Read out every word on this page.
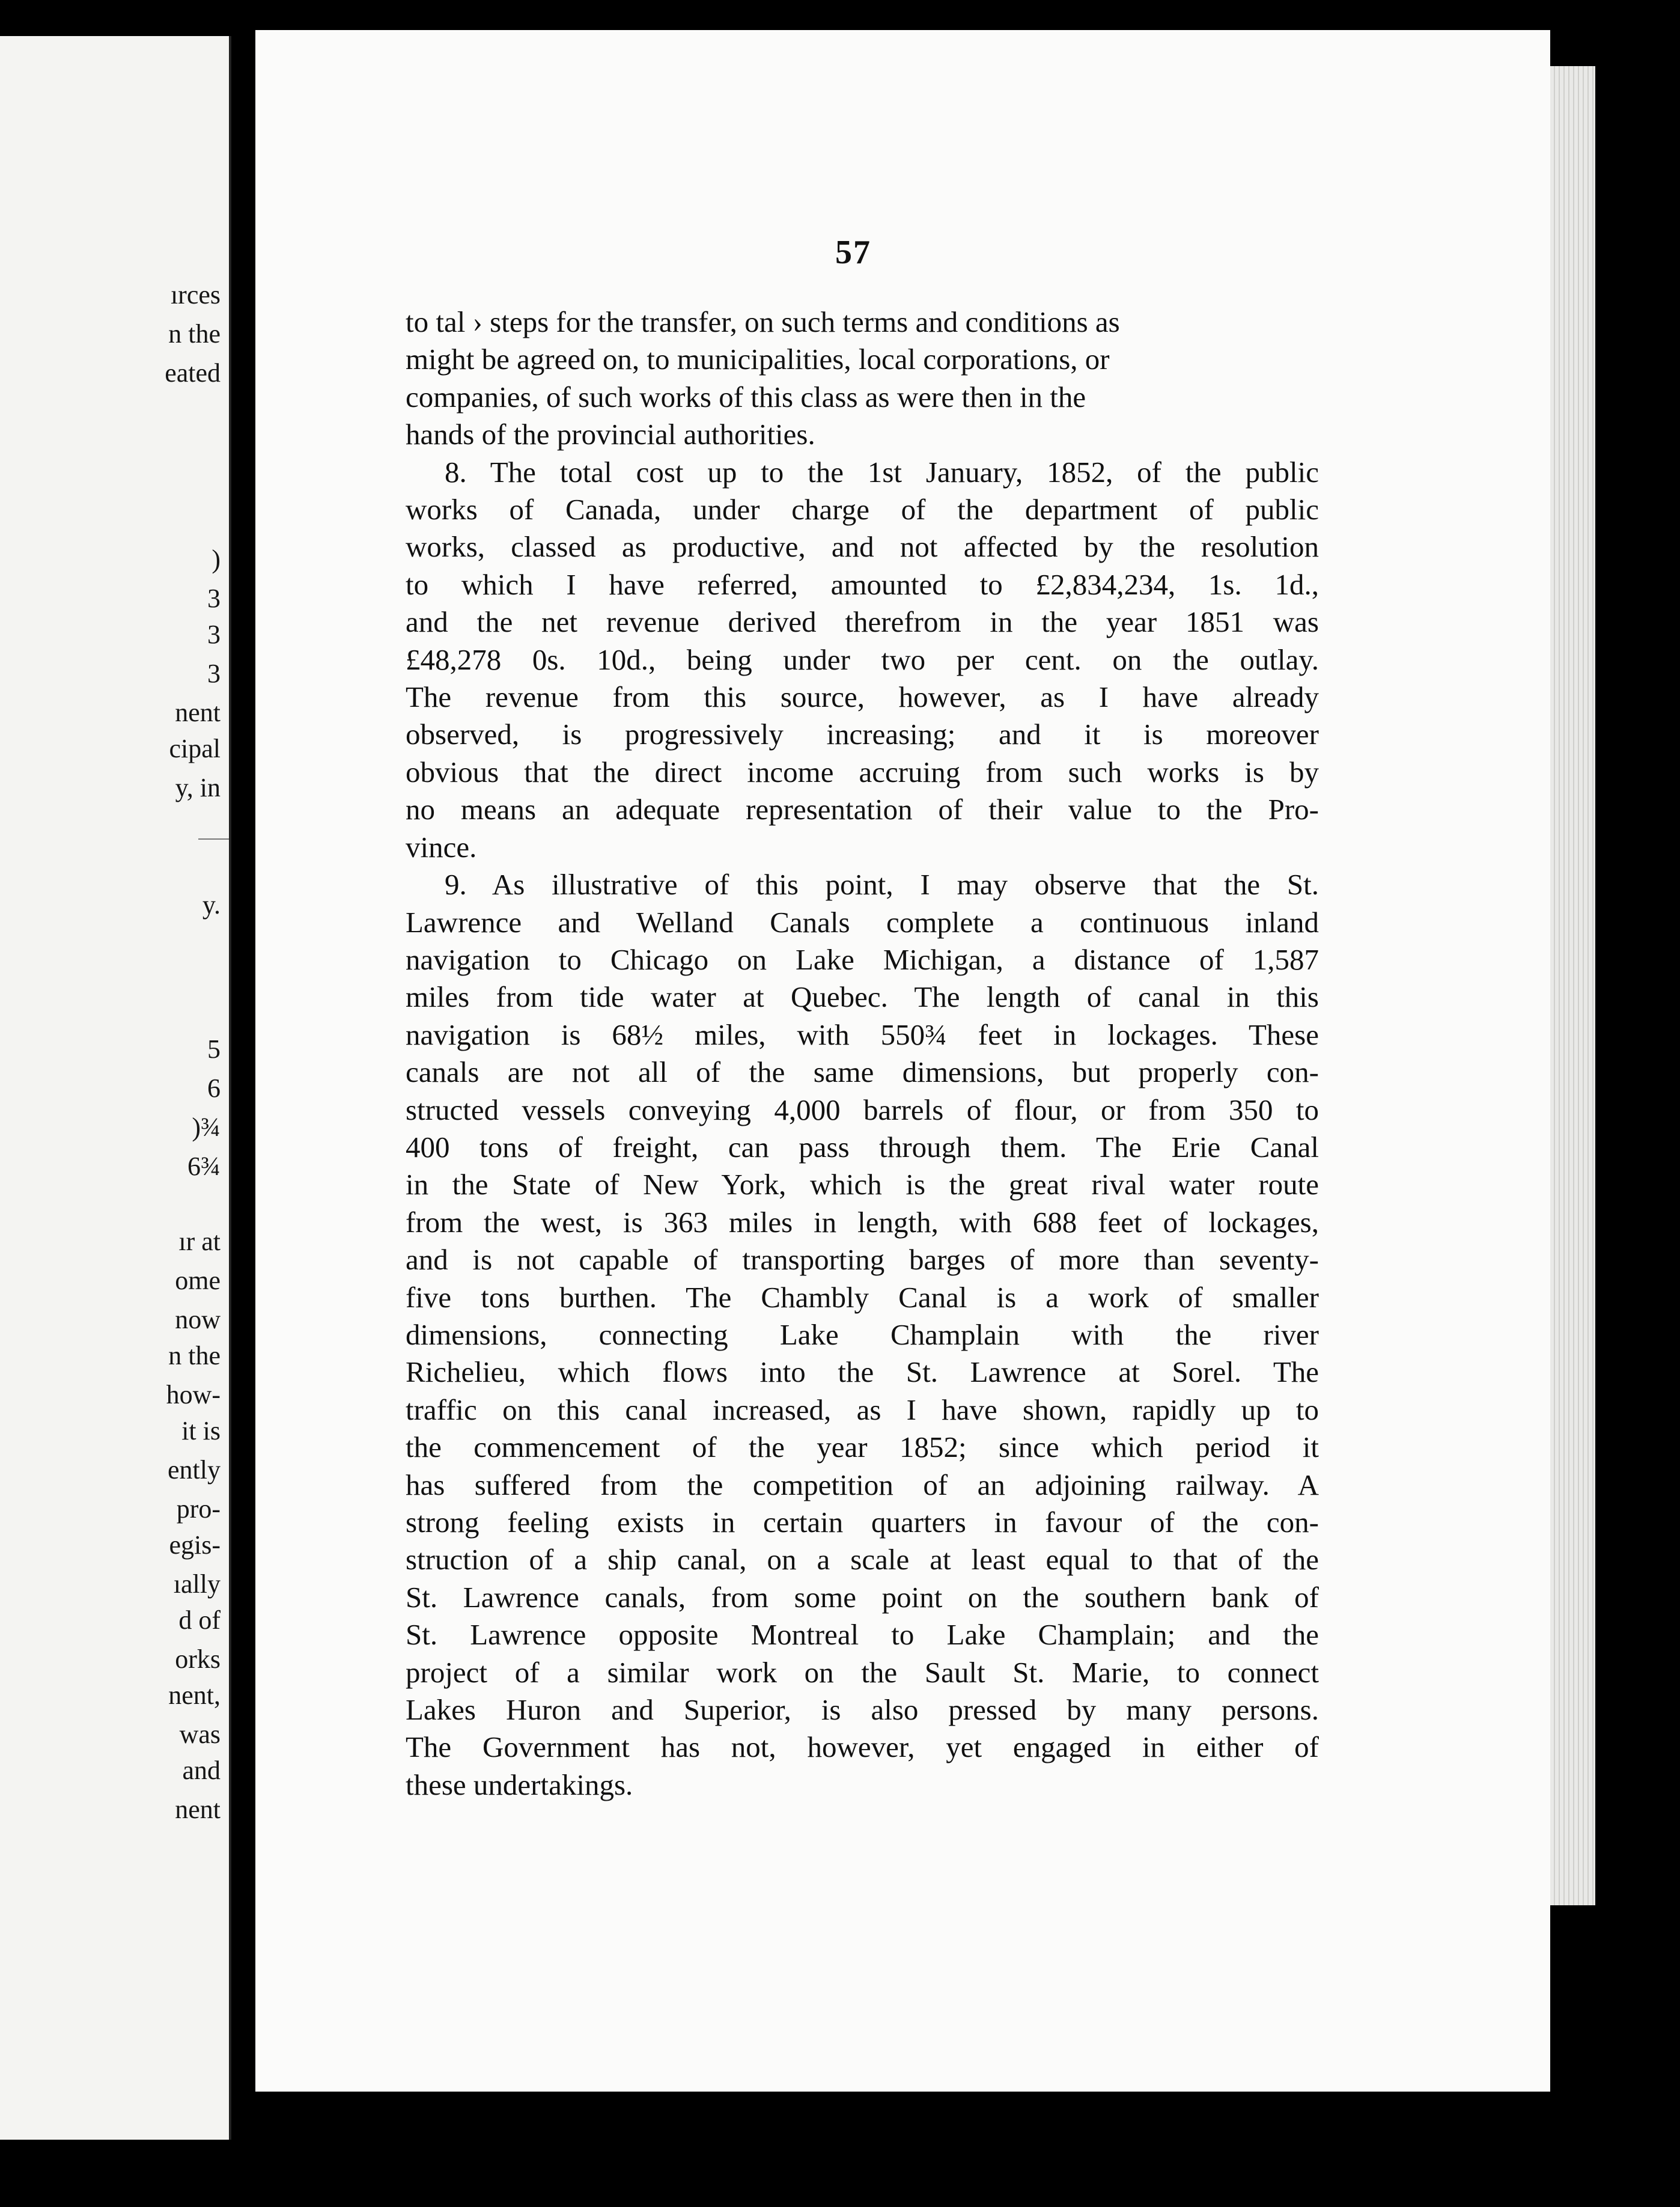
ırces

n the

eated

)

3

3

3

nent

cipal

y, in

y.

5

6

)¾

6¾

ır at

ome

now

n the

how-

it is

ently

pro-

egis-

ıally

d of

orks

nent,

was

and

nent

57

to tal › steps for the transfer, on such terms and conditions as
might be agreed on, to municipalities, local corporations, or
companies, of such works of this class as were then in the
hands of the provincial authorities.
8. The total cost up to the 1st January, 1852, of the public
works of Canada, under charge of the department of public
works, classed as productive, and not affected by the resolution
to which I have referred, amounted to £2,834,234, 1s. 1d.,
and the net revenue derived therefrom in the year 1851 was
£48,278 0s. 10d., being under two per cent. on the outlay.
The revenue from this source, however, as I have already
observed, is progressively increasing; and it is moreover
obvious that the direct income accruing from such works is by
no means an adequate representation of their value to the Pro-
vince.
9. As illustrative of this point, I may observe that the St.
Lawrence and Welland Canals complete a continuous inland
navigation to Chicago on Lake Michigan, a distance of 1,587
miles from tide water at Quebec. The length of canal in this
navigation is 68½ miles, with 550¾ feet in lockages. These
canals are not all of the same dimensions, but properly con-
structed vessels conveying 4,000 barrels of flour, or from 350 to
400 tons of freight, can pass through them. The Erie Canal
in the State of New York, which is the great rival water route
from the west, is 363 miles in length, with 688 feet of lockages,
and is not capable of transporting barges of more than seventy-
five tons burthen. The Chambly Canal is a work of smaller
dimensions, connecting Lake Champlain with the river
Richelieu, which flows into the St. Lawrence at Sorel. The
traffic on this canal increased, as I have shown, rapidly up to
the commencement of the year 1852; since which period it
has suffered from the competition of an adjoining railway. A
strong feeling exists in certain quarters in favour of the con-
struction of a ship canal, on a scale at least equal to that of the
St. Lawrence canals, from some point on the southern bank of
St. Lawrence opposite Montreal to Lake Champlain; and the
project of a similar work on the Sault St. Marie, to connect
Lakes Huron and Superior, is also pressed by many persons.
The Government has not, however, yet engaged in either of
these undertakings.
